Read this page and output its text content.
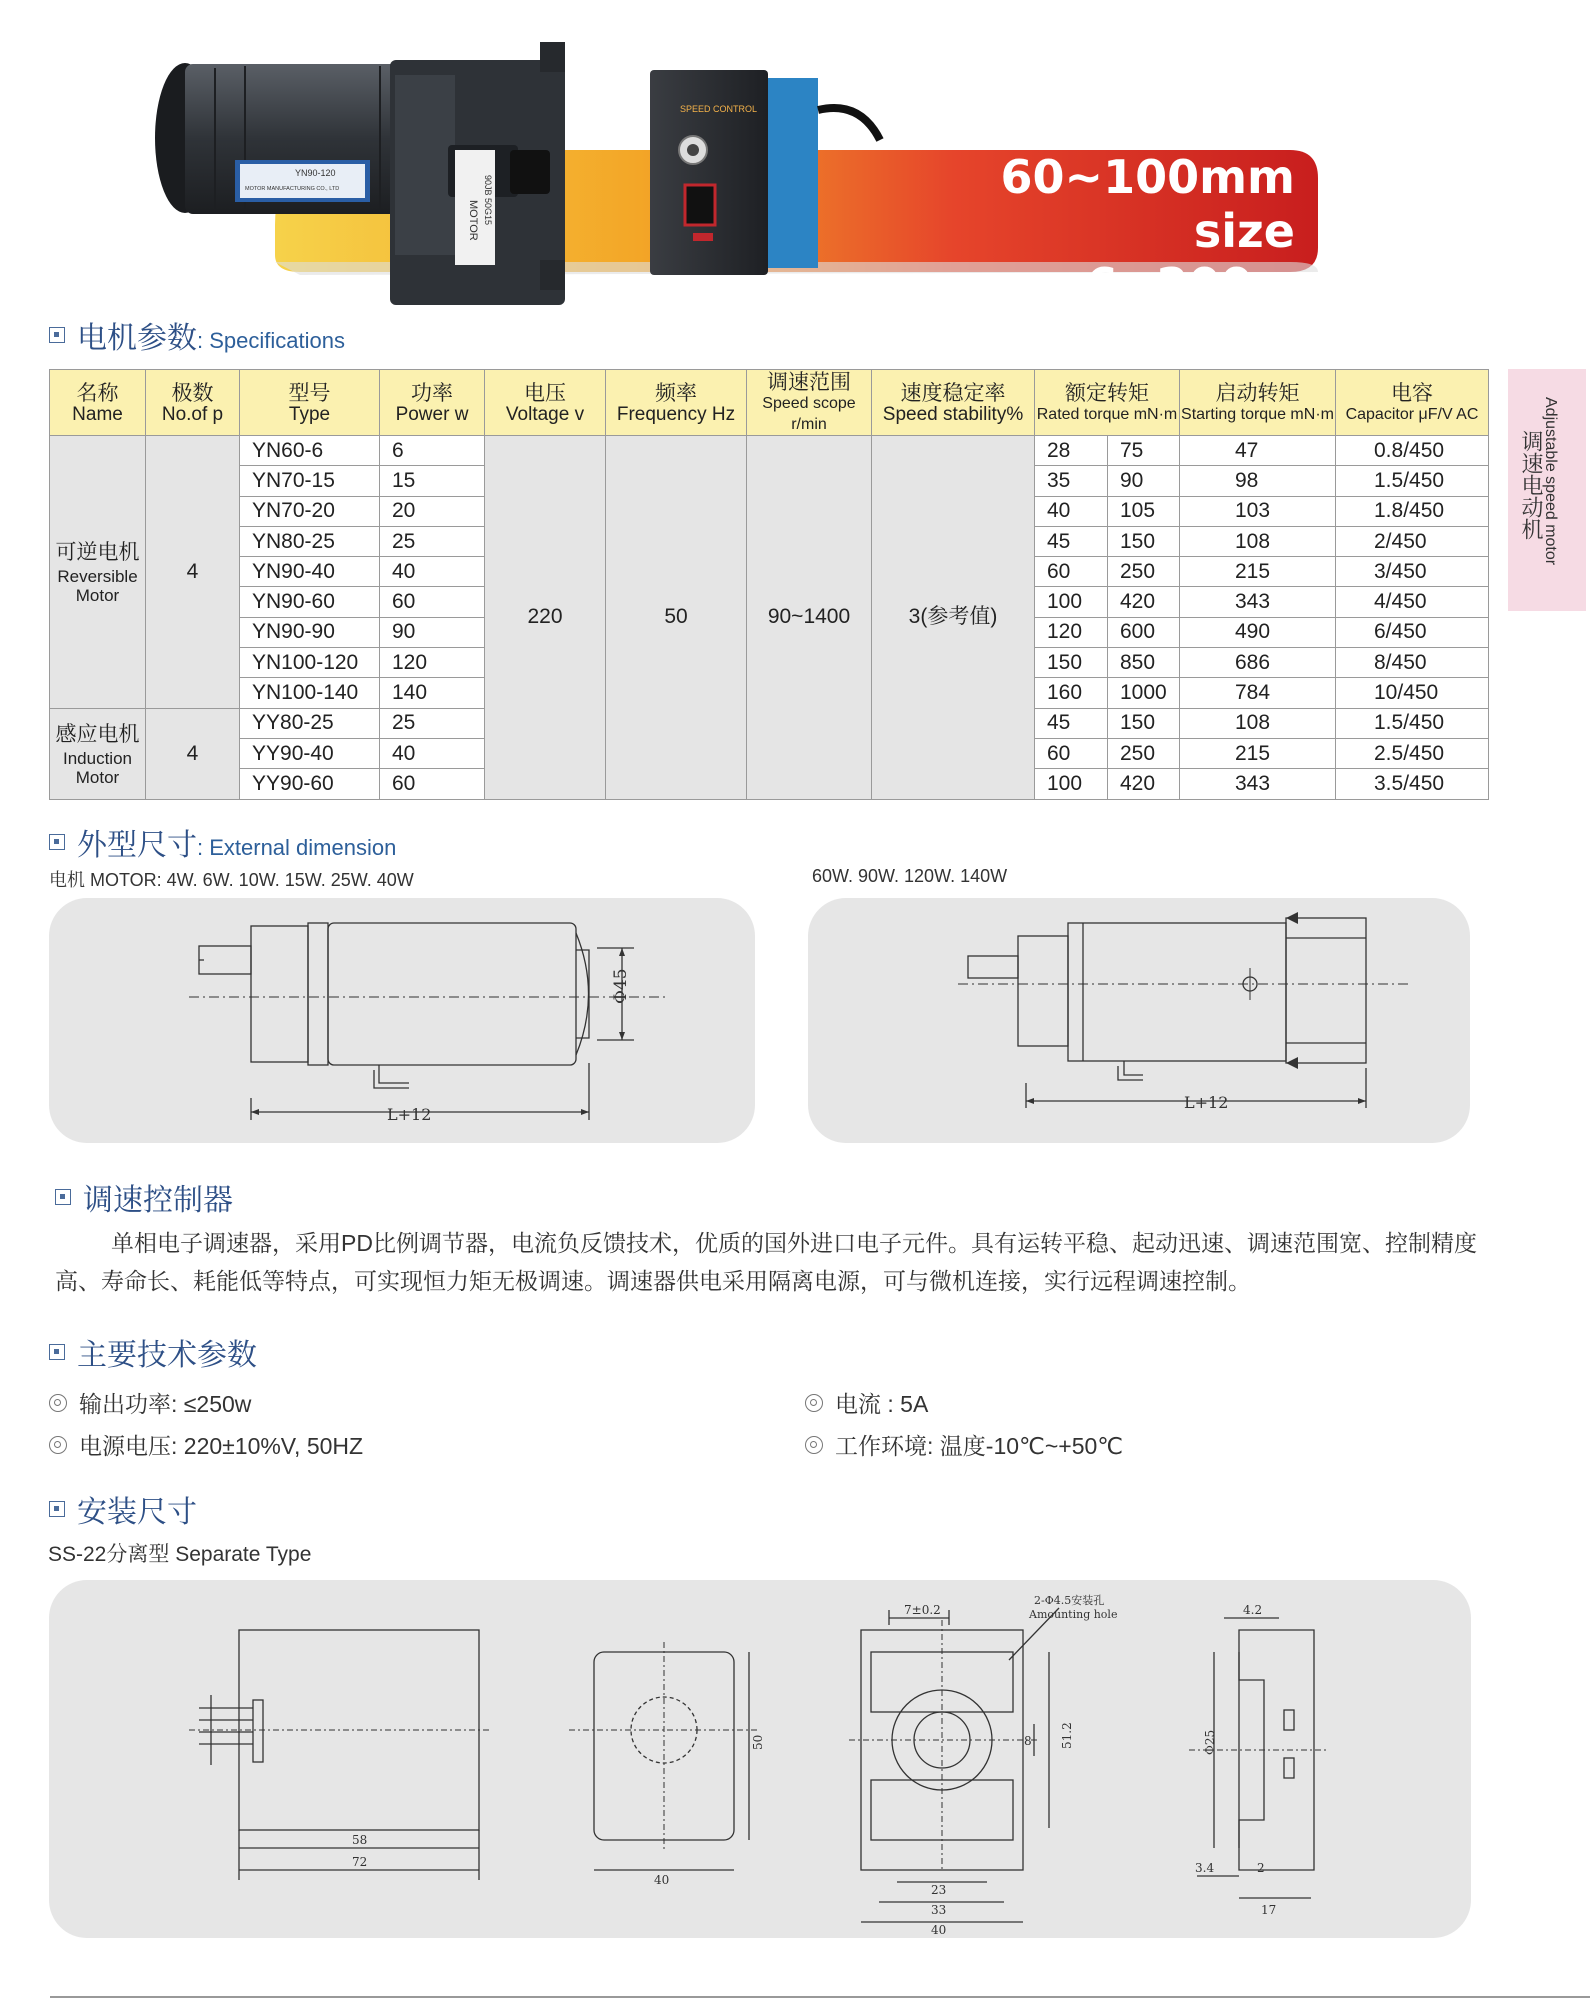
YN90-120
MOTOR MANUFACTURING CO., LTD
MOTOR 90JB 50G15
SPEED CONTROL
60~100mm size
6~200w
电机参数 : Specifications
名称
Name	极数
No.of p	型号
Type	功率
Power w	电压
Voltage v	频率
Frequency Hz	调速范围
Speed scope r/min	速度稳定率
Speed stability%	额定转矩
Rated torque mN·m		启动转矩
Starting torque mN·m	电容
Capacitor μF/V AC

可逆电机
Reversible
Motor	4	YN60-6	6	220	50	90~1400	3(参考值)	28	75	47	0.8/450
		YN70-15	15					35	90	98	1.5/450
		YN70-20	20					40	105	103	1.8/450
		YN80-25	25					45	150	108	2/450
		YN90-40	40					60	250	215	3/450
		YN90-60	60					100	420	343	4/450
		YN90-90	90					120	600	490	6/450
		YN100-120	120					150	850	686	8/450
		YN100-140	140					160	1000	784	10/450

感应电机
Induction
Motor	4	YY80-25	25					45	150	108	1.5/450
		YY90-40	40					60	250	215	2.5/450
		YY90-60	60					100	420	343	3.5/450
Adjustable speed motor
调速电动机
外型尺寸 : External dimension
电机 MOTOR: 4W. 6W. 10W. 15W. 25W. 40W	60W. 90W. 120W. 140W
Φ45
L+12
L+12
调速控制器

单相电子调速器，采用PD比例调节器，电流负反馈技术，优质的国外进口电子元件。具有运转平稳、起动迅速、调速范围宽、控制精度高、寿命长、耗能低等特点，可实现恒力矩无极调速。调速器供电采用隔离电源，可与微机连接，实行远程调速控制。

主要技术参数
输出功率: ≤250w
电源电压: 220±10%V, 50HZ
电流 : 5A
工作环境: 温度-10℃~+50℃
安装尺寸
SS-22分离型 Separate Type
58
72
50
40
7±0.2
2-Φ4.5安装孔
Amounting hole
8 51.2
23
33
40
4.2
Φ25
3.4	2
17
